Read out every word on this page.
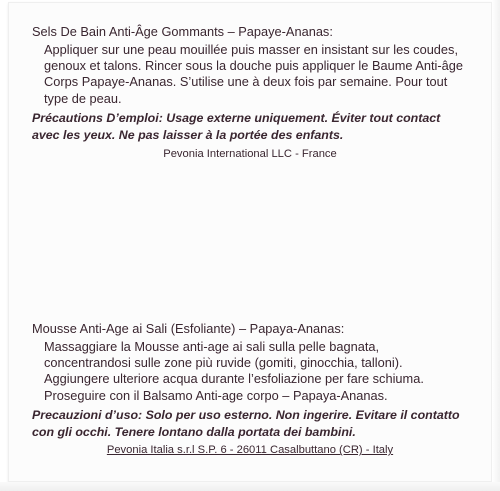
Sels De Bain Anti-Âge Gommants – Papaye-Ananas:

Appliquer sur une peau mouillée puis masser en insistant sur les coudes, genoux et talons. Rincer sous la douche puis appliquer le Baume Anti-âge Corps Papaye-Ananas. S’utilise une à deux fois par semaine. Pour tout type de peau.

Précautions D’emploi: Usage externe uniquement. Éviter tout contact avec les yeux. Ne pas laisser à la portée des enfants.

Pevonia International LLC - France

Mousse Anti-Age ai Sali (Esfoliante) – Papaya-Ananas:

Massaggiare la Mousse anti-age ai sali sulla pelle bagnata, concentrandosi sulle zone più ruvide (gomiti, ginocchia, talloni). Aggiungere ulteriore acqua durante l’esfoliazione per fare schiuma. Proseguire con il Balsamo Anti-age corpo – Papaya-Ananas.

Precauzioni d’uso: Solo per uso esterno. Non ingerire. Evitare il contatto con gli occhi. Tenere lontano dalla portata dei bambini.

Pevonia Italia s.r.l S.P. 6 - 26011 Casalbuttano (CR) - Italy
